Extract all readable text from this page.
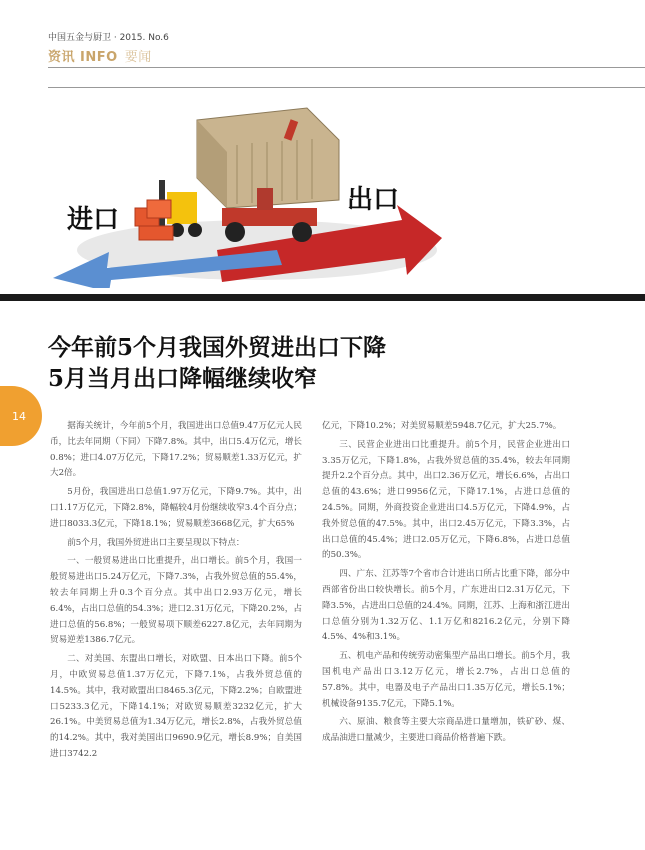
中国五金与厨卫 · 2015. No.6
资讯 INFO 要闻
进口
出口
今年前5个月我国外贸进出口下降
5月当月出口降幅继续收窄
14

据海关统计，今年前5个月，我国进出口总值9.47万亿元人民币，比去年同期（下同）下降7.8%。其中，出口5.4万亿元，增长0.8%；进口4.07万亿元，下降17.2%；贸易顺差1.33万亿元，扩大2倍。

5月份，我国进出口总值1.97万亿元，下降9.7%。其中，出口1.17万亿元，下降2.8%，降幅较4月份继续收窄3.4个百分点；进口8033.3亿元，下降18.1%；贸易顺差3668亿元，扩大65%

前5个月，我国外贸进出口主要呈现以下特点：

一、一般贸易进出口比重提升，出口增长。前5个月，我国一般贸易进出口5.24万亿元，下降7.3%，占我外贸总值的55.4%，较去年同期上升0.3个百分点。其中出口2.93万亿元，增长6.4%，占出口总值的54.3%；进口2.31万亿元，下降20.2%，占进口总值的56.8%；一般贸易项下顺差6227.8亿元，去年同期为贸易逆差1386.7亿元。

二、对美国、东盟出口增长，对欧盟、日本出口下降。前5个月，中欧贸易总值1.37万亿元，下降7.1%，占我外贸总值的14.5%。其中，我对欧盟出口8465.3亿元，下降2.2%；自欧盟进口5233.3亿元，下降14.1%；对欧贸易顺差3232亿元，扩大26.1%。中美贸易总值为1.34万亿元，增长2.8%，占我外贸总值的14.2%。其中，我对美国出口9690.9亿元，增长8.9%；自美国进口3742.2

亿元，下降10.2%；对美贸易顺差5948.7亿元，扩大25.7%。

三、民营企业进出口比重提升。前5个月，民营企业进出口3.35万亿元，下降1.8%，占我外贸总值的35.4%，较去年同期提升2.2个百分点。其中，出口2.36万亿元，增长6.6%，占出口总值的43.6%；进口9956亿元，下降17.1%，占进口总值的24.5%。同期，外商投资企业进出口4.5万亿元，下降4.9%，占我外贸总值的47.5%。其中，出口2.45万亿元，下降3.3%，占出口总值的45.4%；进口2.05万亿元，下降6.8%，占进口总值的50.3%。

四、广东、江苏等7个省市合计进出口所占比重下降，部分中西部省份出口较快增长。前5个月，广东进出口2.31万亿元，下降3.5%，占进出口总值的24.4%。同期，江苏、上海和浙江进出口总值分别为1.32万亿、1.1万亿和8216.2亿元，分别下降4.5%、4%和3.1%。

五、机电产品和传统劳动密集型产品出口增长。前5个月，我国机电产品出口3.12万亿元，增长2.7%，占出口总值的57.8%。其中，电器及电子产品出口1.35万亿元，增长5.1%；机械设备9135.7亿元，下降5.1%。

六、原油、粮食等主要大宗商品进口量增加，铁矿砂、煤、成品油进口量减少，主要进口商品价格普遍下跌。
